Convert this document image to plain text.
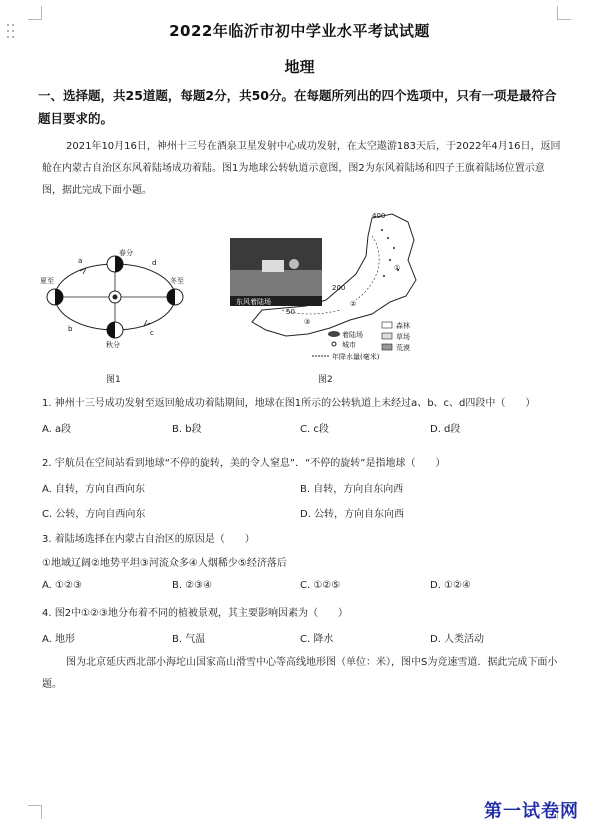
2022年临沂市初中学业水平考试试题
地理
一、选择题，共25道题，每题2分，共50分。在每题所列出的四个选项中，只有一项是最符合题目要求的。
2021年10月16日，神州十三号在酒泉卫星发射中心成功发射，在太空遨游183天后，于2022年4月16日，返回舱在内蒙古自治区东风着陆场成功着陆。图1为地球公转轨道示意图，图2为东风着陆场和四子王旗着陆场位置示意图，据此完成下面小题。
春分
夏至
秋分
冬至
a
b	c
d
图1
东风着陆场
400
200
50
①
②
③	森林
草场
荒漠
着陆场
城市
年降水量(毫米)
图2
1. 神州十三号成功发射至返回舱成功着陆期间，地球在图1所示的公转轨道上未经过a、b、c、d四段中（　　）
A. a段	B. b段	C. c段	D. d段
2. 宇航员在空间站看到地球“不停的旋转，美的令人窒息”．“不停的旋转”是指地球（　　）
A. 自转，方向自西向东	B. 自转，方向自东向西
C. 公转，方向自西向东	D. 公转，方向自东向西
3. 着陆场选择在内蒙古自治区的原因是（　　）
①地域辽阔②地势平坦③河流众多④人烟稀少⑤经济落后
A. ①②③	B. ②③④	C. ①②⑤	D. ①②④
4. 图2中①②③地分布着不同的植被景观，其主要影响因素为（　　）
A. 地形	B. 气温	C. 降水	D. 人类活动
图为北京延庆西北部小海坨山国家高山滑雪中心等高线地形图（单位：米），图中S为竞速雪道．据此完成下面小题。
第一试卷网
